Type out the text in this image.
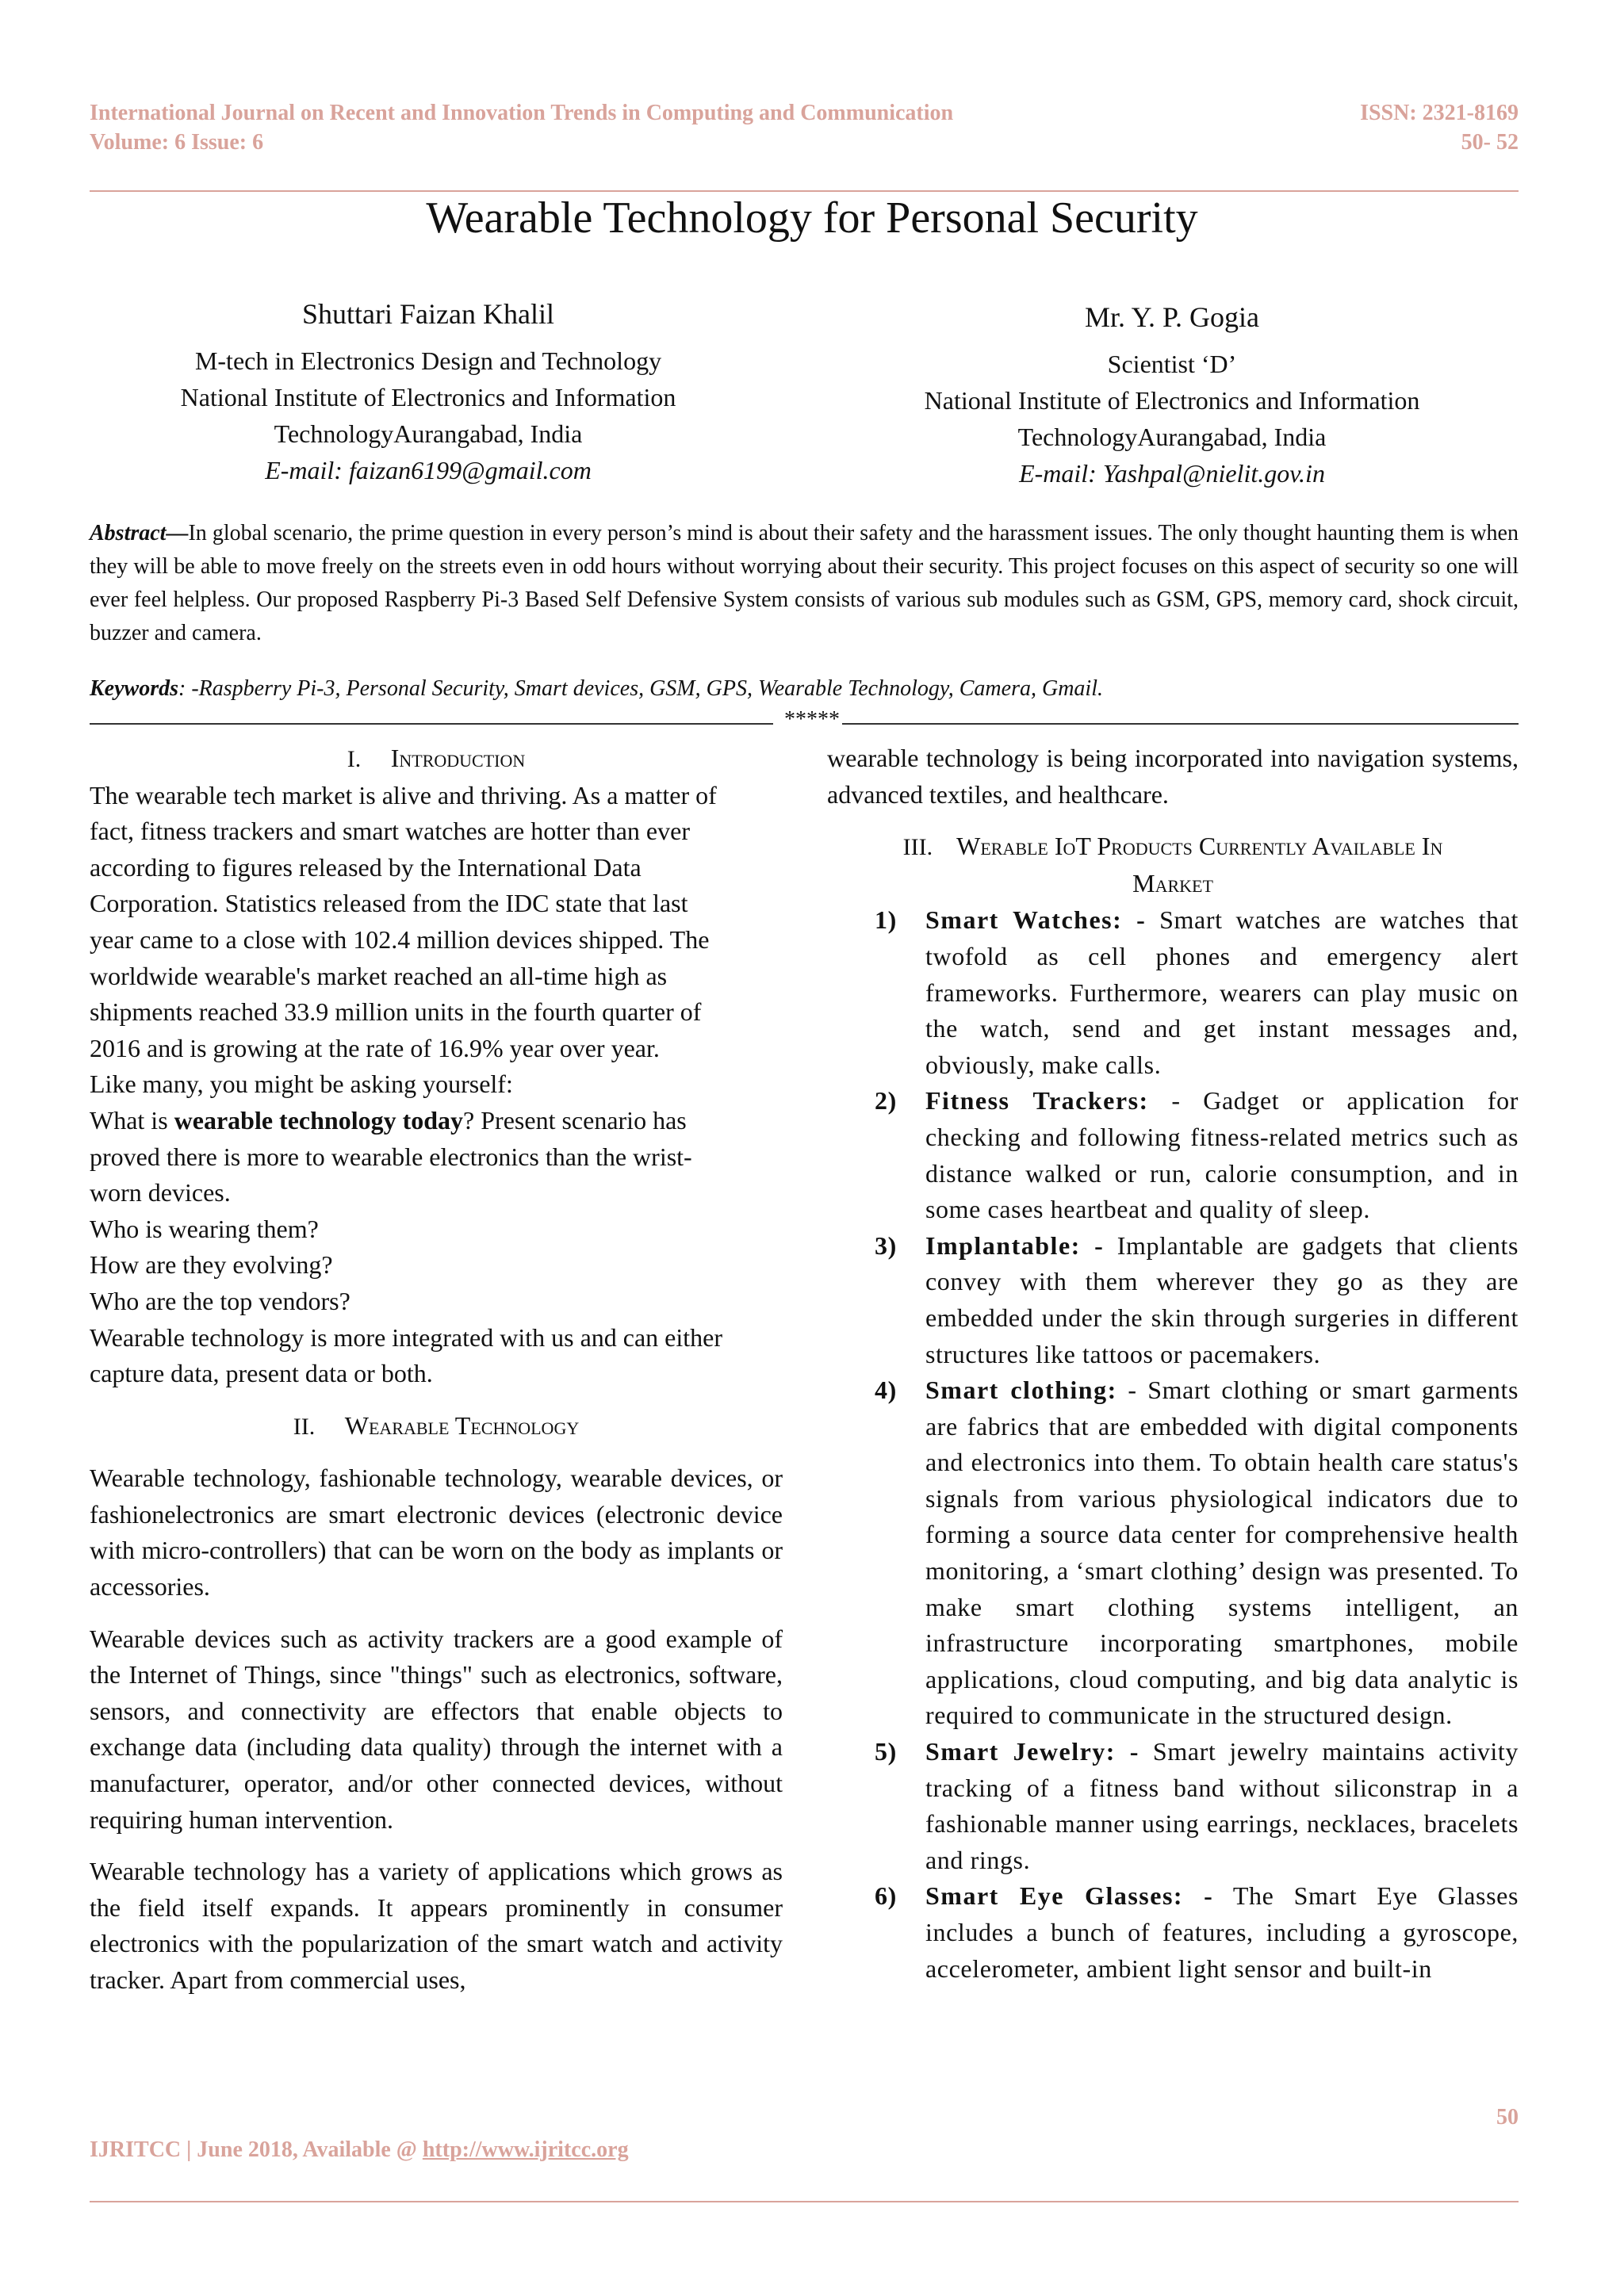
International Journal on Recent and Innovation Trends in Computing and Communication
Volume: 6 Issue: 6
ISSN: 2321-8169
50- 52
Wearable Technology for Personal Security
Shuttari Faizan Khalil
M-tech in Electronics Design and Technology
National Institute of Electronics and Information
TechnologyAurangabad, India
E-mail: faizan6199@gmail.com
Mr. Y. P. Gogia
Scientist ‘D’
National Institute of Electronics and Information
TechnologyAurangabad, India
E-mail: Yashpal@nielit.gov.in
Abstract—In global scenario, the prime question in every person’s mind is about their safety and the harassment issues. The only thought haunting them is when they will be able to move freely on the streets even in odd hours without worrying about their security. This project focuses on this aspect of security so one will ever feel helpless. Our proposed Raspberry Pi-3 Based Self Defensive System consists of various sub modules such as GSM, GPS, memory card, shock circuit, buzzer and camera.
Keywords: -Raspberry Pi-3, Personal Security, Smart devices, GSM, GPS, Wearable Technology, Camera, Gmail.
*****
I. Introduction
The wearable tech market is alive and thriving. As a matter of
fact, fitness trackers and smart watches are hotter than ever
according to figures released by the International Data
Corporation. Statistics released from the IDC state that last
year came to a close with 102.4 million devices shipped. The
worldwide wearable's market reached an all-time high as
shipments reached 33.9 million units in the fourth quarter of
2016 and is growing at the rate of 16.9% year over year.
Like many, you might be asking yourself:
What is wearable technology today? Present scenario has
proved there is more to wearable electronics than the wrist-
worn devices.
Who is wearing them?
How are they evolving?
Who are the top vendors?
Wearable technology is more integrated with us and can either
capture data, present data or both.
II. Wearable Technology

Wearable technology, fashionable technology, wearable devices, or fashionelectronics are smart electronic devices (electronic device with micro-controllers) that can be worn on the body as implants or accessories.

Wearable devices such as activity trackers are a good example of the Internet of Things, since "things" such as electronics, software, sensors, and connectivity are effectors that enable objects to exchange data (including data quality) through the internet with a manufacturer, operator, and/or other connected devices, without requiring human intervention.

Wearable technology has a variety of applications which grows as the field itself expands. It appears prominently in consumer electronics with the popularization of the smart watch and activity tracker. Apart from commercial uses,

wearable technology is being incorporated into navigation systems, advanced textiles, and healthcare.

III. Werable IoT Products Currently Available In
Market
1) Smart Watches: - Smart watches are watches that twofold as cell phones and emergency alert frameworks. Furthermore, wearers can play music on the watch, send and get instant messages and, obviously, make calls.
2) Fitness Trackers: - Gadget or application for checking and following fitness-related metrics such as distance walked or run, calorie consumption, and in some cases heartbeat and quality of sleep.
3) Implantable: - Implantable are gadgets that clients convey with them wherever they go as they are embedded under the skin through surgeries in different structures like tattoos or pacemakers.
4) Smart clothing: - Smart clothing or smart garments are fabrics that are embedded with digital components and electronics into them. To obtain health care status's signals from various physiological indicators due to forming a source data center for comprehensive health monitoring, a ‘smart clothing’ design was presented. To make smart clothing systems intelligent, an infrastructure incorporating smartphones, mobile applications, cloud computing, and big data analytic is required to communicate in the structured design.
5) Smart Jewelry: - Smart jewelry maintains activity tracking of a fitness band without siliconstrap in a fashionable manner using earrings, necklaces, bracelets and rings.
6) Smart Eye Glasses: - The Smart Eye Glasses includes a bunch of features, including a gyroscope, accelerometer, ambient light sensor and built-in
50
IJRITCC | June 2018, Available @ http://www.ijritcc.org
